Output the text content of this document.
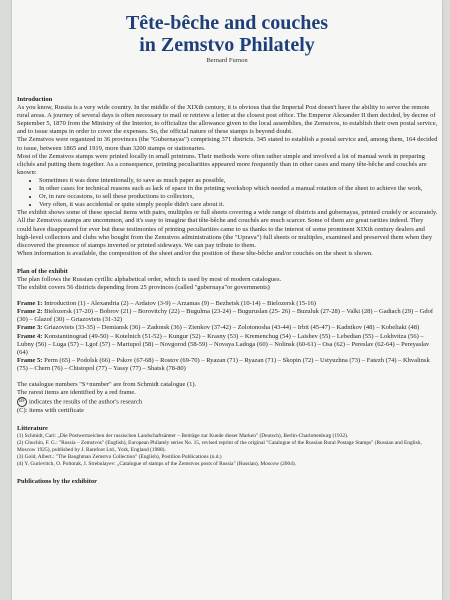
Tête-bêche and couches
in Zemstvo Philately
Bernard Furnon

Introduction

As you know, Russia is a very wide country. In the middle of the XIXth century, it is obvious that the Imperial Post doesn't have the ability to serve the remote rural areas. A journey of several days is often necessary to mail or retrieve a letter at the closest post office. The Emperor Alexander II then decided, by decree of September 5, 1870 from the Ministry of the Interior, to officialize the allowance given to the local assemblies, the Zemstvos, to establish their own postal service, and to issue stamps in order to cover the expenses. So, the official nature of these stamps is beyond doubt.

The Zemstvos were organized in 36 provinces (the "Gubernayas") comprising 371 districts. 345 stated to establish a postal service and, among them, 164 decided to issue, between 1865 and 1919, more than 3200 stamps or stationaries.

Most of the Zemstvos stamps were printed locally in small printruns. Their methods were often rather simple and involved a lot of manual work in preparing clichés and putting them together. As a consequence, printing peculiarities appeared more frequently than in other cases and many tête-bêche and couchés are known:

• Sometimes it was done intentionally, to save as much paper as possible,
• In other cases for technical reasons such as lack of space in the printing workshop which needed a manual rotation of the sheet to achieve the work,
• Or, in rare occasions, to sell these productions to collectors,
• Very often, it was accidental or quite simply people didn't care about it.

The exhibit shows some of these special items with pairs, multiples or full sheets covering a wide range of districts and gubernayas, printed crudely or accurately.

All the Zemstvos stamps are uncommon, and it's easy to imagine that tête-bêche and couchés are much scarcer. Some of them are great rarities indeed. They could have disappeared for ever but these testimonies of printing peculiarities came to us thanks to the interest of some prominent XIXth century dealers and high-level collectors and clubs who bought from the Zemstvos administrations (the "Uprava") full sheets or multiples, examined and preserved them when they discovered the presence of stamps inverted or printed sideways. We can pay tribute to them.

When information is available, the composition of the sheet and/or the position of these tête-bêche and/or couchés on the sheet is shown.

Plan of the exhibit

The plan follows the Russian cyrillic alphabetical order, which is used by most of modern catalogues.

The exhibit covers 56 districts depending from 25 provinces (called "gubernaya"or governments)

Frame 1: Introduction (1) - Alexandria (2) – Ardatov (3-9) – Arzamas (9) – Bezhetsk (10-14) – Bielozersk (15-16)

Frame 2: Bielozersk (17-20) – Bobrov (21) – Borovitchy (22) – Bugulma (23-24) – Buguruslan (25- 26) – Buzuluk (27-28) – Valki (28) – Gadiach (29) – Gdof (30) – Glazof (30) – Griazoviets (31-32)

Frame 3: Griazoviets (33-35) – Demiansk (36) – Zadonsk (36) – Zienkov (37-42) – Zolotonosha (43-44) – Irbit (45-47) – Kadnikov (48) – Kobeliaki (48)

Frame 4: Konstantinograd (49-50) – Kotelnich (51-52) – Kungur (52) – Krasny (53) – Kremenchug (54) – Laishev (55) – Lebedian (55) – Lokhvitza (56) – Lubny (56) – Luga (57) – Lgof (57) – Mariupol (58) – Novgorod (58-59) – Novaya Ladoga (60) – Nolinsk (60-61) – Osa (62) – Pereslav (62-64) – Pereyaslav (64)

Frame 5: Perm (65) – Podolsk (66) – Pskov (67-68) – Rostov (69-70) – Ryazan (71) – Ryazan (71) – Skopin (72) – Ustyuzhna (73) – Fatezh (74) – Khvalinsk (75) – Chern (76) – Chistopol (77) – Yassy (77) – Shatsk (78-80)

The catalogue numbers "S+number" are from Schmidt catalogue (1).

The rarest items are identified by a red frame.

BF indicates the results of the author's research

(C): items with certificate

Litterature

(1) Schmidt, Carl: „Die Postwertzeichen der russischen Landschaftsämter – Beiträge zur Kunde dieser Marken" (Deutsch), Berlin-Charlottenburg (1932).

(2) Chuchin, F. G.: "Russia – Zemstvos" (English), European Philately series No. 15, revised reprint of the original "Catalogue of the Russian Rural Postage Stamps" (Russian and English, Moscow 1925), published by J. Barefoot Ltd., York, England (1988).

(3) Gold, Albert.: "The Baughman Zemstvo Collection" (English), Postilion Publications (n.d.)

(4) Y. Gurievitch, O. Poltorak, J. Strebulayev: „Catalogue of stamps of the Zemstvos posts of Russia" (Russian), Moscow (2004).

Publications by the exhibitor
